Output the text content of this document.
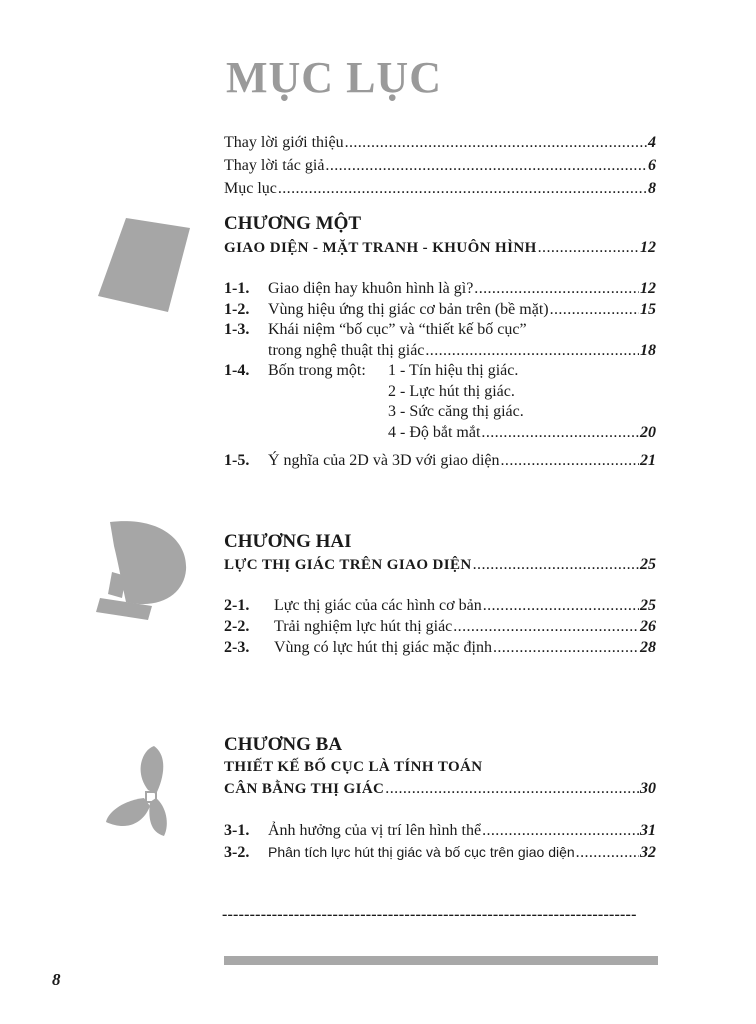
MỤC LỤC
Thay lời giới thiệu .....	4
Thay lời tác giả .....	6
Mục lục .....	8
CHƯƠNG MỘT
GIAO DIỆN - MẶT TRANH - KHUÔN HÌNH .....	12
1-1. Giao diện hay khuôn hình là gì? .....	12
1-2. Vùng hiệu ứng thị giác cơ bản trên (bề mặt) .....	15
1-3. Khái niệm “bố cục” và “thiết kế bố cục”
trong nghệ thuật thị giác .....	18
1-4. Bốn trong một: 1 - Tín hiệu thị giác.
2 - Lực hút thị giác.
3 - Sức căng thị giác.
4 - Độ bắt mắt .....	20
1-5. Ý nghĩa của 2D và 3D với giao diện .....	21
CHƯƠNG HAI
LỰC THỊ GIÁC TRÊN GIAO DIỆN .....	25
2-1. Lực thị giác của các hình cơ bản .....	25
2-2. Trải nghiệm lực hút thị giác .....	26
2-3. Vùng có lực hút thị giác mặc định .....	28
CHƯƠNG BA
THIẾT KẾ BỐ CỤC LÀ TÍNH TOÁN
CÂN BẰNG THỊ GIÁC .....	30
3-1. Ảnh hưởng của vị trí lên hình thể .....	31
3-2. Phân tích lực hút thị giác và bố cục trên giao diện .....	32
---------------------------------------------------------------------------
8
